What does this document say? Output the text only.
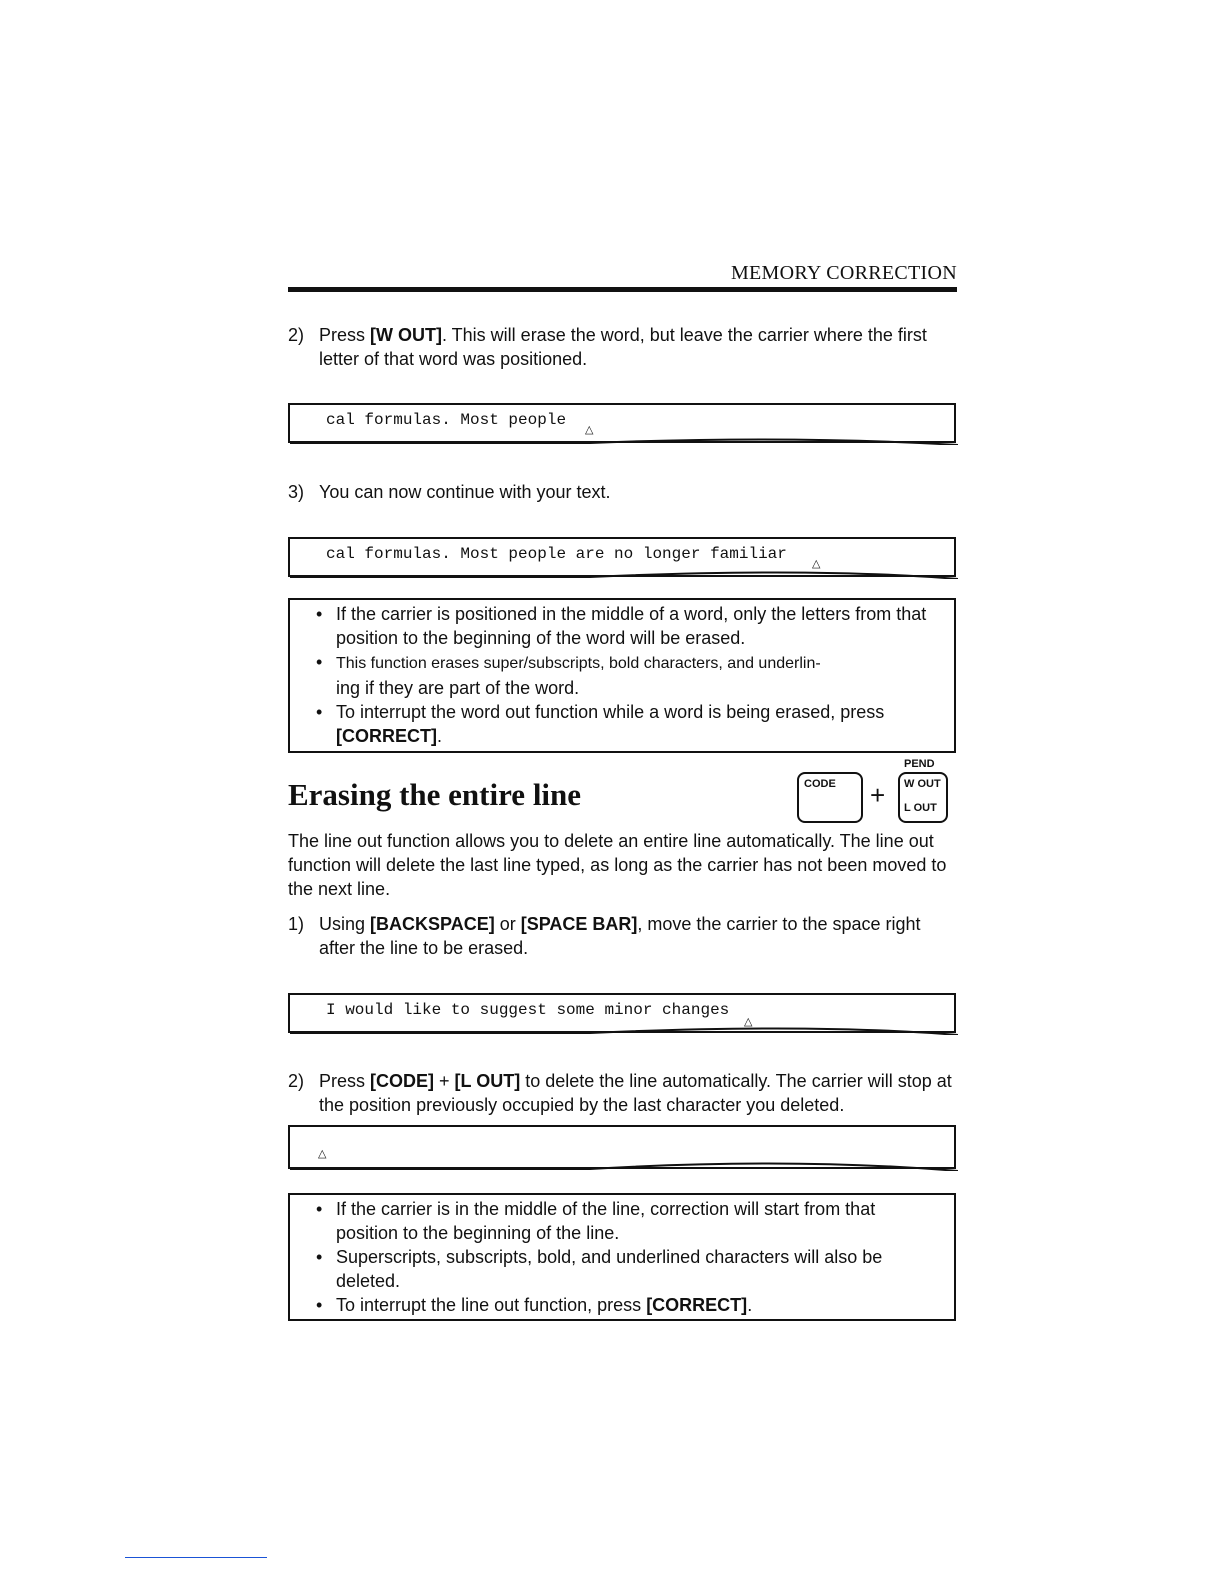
MEMORY CORRECTION
2) Press [W OUT]. This will erase the word, but leave the carrier where the first letter of that word was positioned.
cal formulas. Most people
△
3) You can now continue with your text.
cal formulas. Most people are no longer familiar
△
• If the carrier is positioned in the middle of a word, only the letters from that position to the beginning of the word will be erased.
• This function erases super/subscripts, bold characters, and underlin-
ing if they are part of the word.
• To interrupt the word out function while a word is being erased, press
[CORRECT].
Erasing the entire line
PEND
CODE + W OUT
L OUT
The line out function allows you to delete an entire line automatically. The line out function will delete the last line typed, as long as the carrier has not been moved to the next line.
1) Using [BACKSPACE] or [SPACE BAR], move the carrier to the space right after the line to be erased.
I would like to suggest some minor changes
△
2) Press [CODE] + [L OUT] to delete the line automatically. The carrier will stop at the position previously occupied by the last character you deleted.
△
• If the carrier is in the middle of the line, correction will start from that position to the beginning of the line.
• Superscripts, subscripts, bold, and underlined characters will also be deleted.
• To interrupt the line out function, press [CORRECT].
